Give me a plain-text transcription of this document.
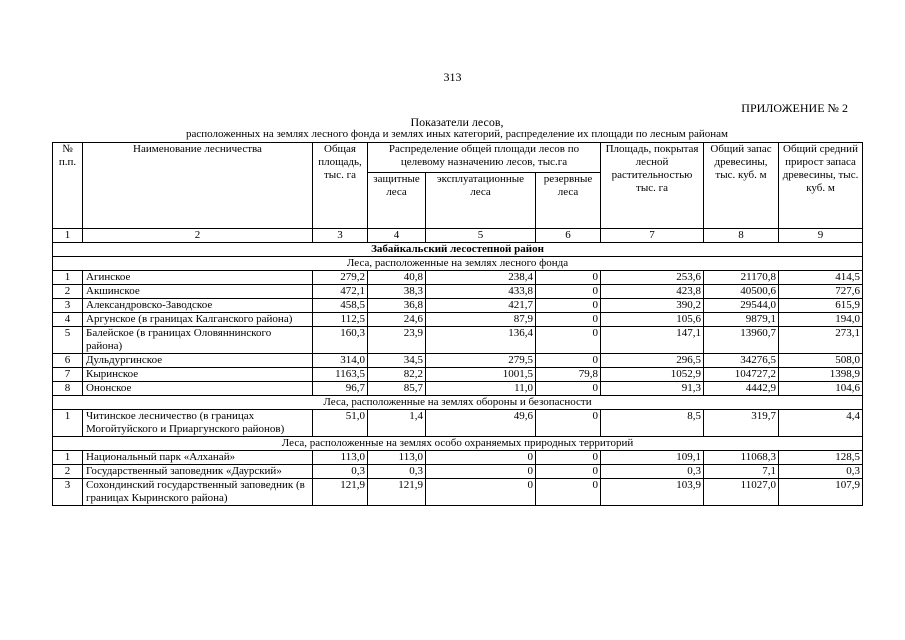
313
ПРИЛОЖЕНИЕ № 2
Показатели лесов,
расположенных на землях лесного фонда и землях иных категорий, распределение их площади по лесным районам
№ п.п.	Наименование лесничества	Общая площадь, тыс. га	Распределение общей площади лесов по целевому назначению лесов, тыс.га			Площадь, покрытая лесной растительностью тыс. га	Общий запас древесины, тыс. куб. м	Общий средний прирост запаса древесины, тыс. куб. м
			защитные леса	эксплуатационные леса	резервные леса			
1	2	3	4	5	6	7	8	9
Забайкальский лесостепной район								
Леса, расположенные на землях лесного фонда								
1	Агинское	279,2	40,8	238,4	0	253,6	21170,8	414,5
2	Акшинское	472,1	38,3	433,8	0	423,8	40500,6	727,6
3	Александровско-Заводское	458,5	36,8	421,7	0	390,2	29544,0	615,9
4	Аргунское (в границах Калганского района)	112,5	24,6	87,9	0	105,6	9879,1	194,0
5	Балейское (в границах Оловяннинского района)	160,3	23,9	136,4	0	147,1	13960,7	273,1
6	Дульдургинское	314,0	34,5	279,5	0	296,5	34276,5	508,0
7	Кыринское	1163,5	82,2	1001,5	79,8	1052,9	104727,2	1398,9
8	Ононское	96,7	85,7	11,0	0	91,3	4442,9	104,6
Леса, расположенные на землях обороны и безопасности								
1	Читинское лесничество (в границах Могойтуйского и Приаргунского районов)	51,0	1,4	49,6	0	8,5	319,7	4,4
Леса, расположенные на землях особо охраняемых природных территорий								
1	Национальный парк «Алханай»	113,0	113,0	0	0	109,1	11068,3	128,5
2	Государственный заповедник «Даурский»	0,3	0,3	0	0	0,3	7,1	0,3
3	Сохондинский государственный заповедник (в границах Кыринского района)	121,9	121,9	0	0	103,9	11027,0	107,9
